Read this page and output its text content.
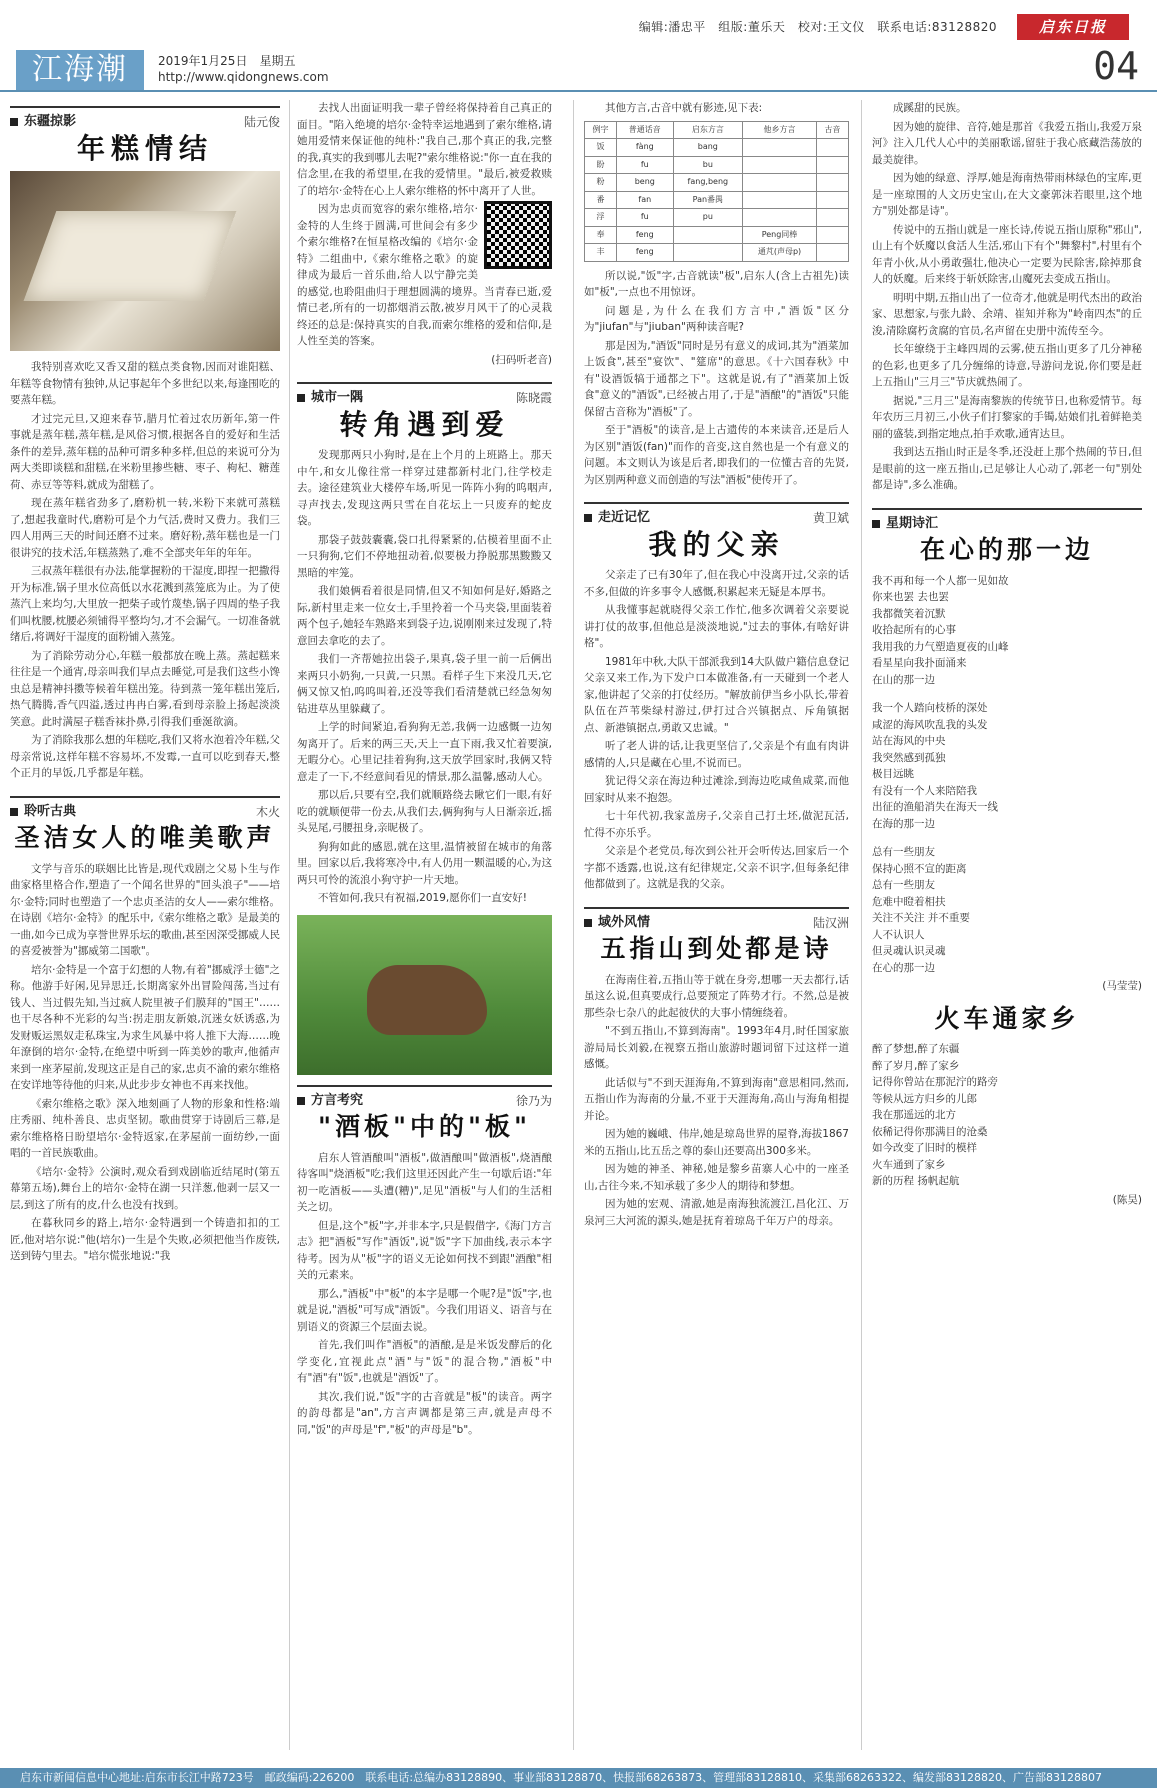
编辑:潘忠平　组版:董乐天　校对:王文仪　联系电话:83128820	启东日报
江海潮	2019年1月25日　星期五
http://www.qidongnews.com	04
东疆掠影	陆元俊
年糕情结

我特别喜欢吃又香又甜的糕点类食物,因而对谁阳糕、年糕等食物情有独钟,从记事起年个多世纪以来,每逢围吃的要蒸年糕。

才过完元旦,又迎来春节,腊月忙着过农历新年,第一件事就是蒸年糕,蒸年糕,是风俗习惯,根据各自的爱好和生活条件的差异,蒸年糕的品种可谓多种多样,但总的来说可分为两大类即谈糕和甜糕,在米粉里掺些糖、枣子、枸杞、糖莲荷、赤豆等等料,就成为甜糕了。

现在蒸年糕省劲多了,磨粉机一转,米粉下来就可蒸糕了,想起我童时代,磨粉可是个力气活,费时又费力。我们三四人用两三天的时间还磨不过来。磨好粉,蒸年糕也是一门很讲究的技术活,年糕蒸熟了,难不全部夹年年的年年。

三叔蒸年糕很有办法,能掌握粉的干湿度,即捏一把撒得开为标准,锅子里水位高低以水花溅到蒸笼底为止。为了使蒸汽上来均匀,大里放一把柴子或竹蔑垫,锅子四周的垫子我们叫枕腰,枕腰必须铺得平整均匀,才不会漏气。一切准备就绪后,将调好干湿度的面粉铺入蒸笼。

为了消除劳动分心,年糕一般都放在晚上蒸。蒸起糕来往往是一个通宵,母亲叫我们早点去睡觉,可是我们这些小馋虫总是精神抖擞等候着年糕出笼。待到蒸一笼年糕出笼后,热气腾腾,香气四溢,透过冉冉白雾,看到母亲脸上扬起淡淡笑意。此时满屋子糕香袜扑鼻,引得我们垂涎欲滴。

为了消除我那么想的年糕吃,我们又将水泡着冷年糕,父母亲常说,这样年糕不容易坏,不发霉,一直可以吃到春天,整个正月的早饭,几乎都是年糕。

聆听古典	木火
圣洁女人的唯美歌声

文学与音乐的联姻比比皆是,现代戏剧之父易卜生与作曲家格里格合作,塑造了一个闻名世界的"回头浪子"——培尔·金特;同时也塑造了一个忠贞圣洁的女人——索尔维格。在诗剧《培尔·金特》的配乐中,《索尔维格之歌》是最美的一曲,如今已成为享誉世界乐坛的歌曲,甚至因深受挪威人民的喜爱被誉为"挪威第二国歌"。

培尔·金特是一个富于幻想的人物,有着"挪威浮士德"之称。他游手好闲,见异思迁,长期离家外出冒险闯荡,当过有钱人、当过假先知,当过疯人院里被子们膜拜的"国王"……也干尽各种不光彩的勾当:拐走朋友新娘,沉迷女妖诱惑,为发财贩运黑奴走私珠宝,为求生风暴中将人推下大海……晚年潦倒的培尔·金特,在绝望中听到一阵美妙的歌声,他循声来到一座茅屋前,发现这正是自己的家,忠贞不渝的索尔维格在安详地等待他的归来,从此步步女神也不再来找他。

《索尔维格之歌》深入地刻画了人物的形象和性格:端庄秀丽、纯朴善良、忠贞坚韧。歌曲贯穿于诗剧后三幕,是索尔维格格日盼望培尔·金特返家,在茅屋前一面纺纱,一面唱的一首民族歌曲。

《培尔·金特》公演时,观众看到戏剧临近结尾时(第五幕第五场),舞台上的培尔·金特在湖一只洋葱,他剥一层又一层,到这了所有的皮,什么也没有找到。

在暮秋同乡的路上,培尔·金特遇到一个铸造扣扣的工匠,他对培尔说:"他(培尔)一生是个失败,必须把他当作废铁,送到铸勺里去。"培尔慌张地说:"我

去找人出面证明我一辈子曾经将保持着自己真正的面目。"陷入绝境的培尔·金特幸运地遇到了索尔维格,请她用爱情来保证他的纯朴:"我自己,那个真正的我,完整的我,真实的我到哪儿去呢?"索尔维格说:"你一直在我的信念里,在我的希望里,在我的爱情里。"最后,被爱救赎了的培尔·金特在心上人索尔维格的怀中离开了人世。

因为忠贞而宽容的索尔维格,培尔·金特的人生终于圆满,可世间会有多少个索尔维格?在恒星格改编的《培尔·金特》二组曲中,《索尔维格之歌》的旋律成为最后一首乐曲,给人以宁静完美的感觉,也聆阻曲归于理想圆满的境界。当青春已逝,爱情已老,所有的一切都烟消云散,被岁月风干了的心灵栽终还的总是:保持真实的自我,而索尔维格的爱和信仰,是人性至美的答案。

(扫码听老音)
城市一隅	陈晓霞
转角遇到爱

发现那两只小狗时,是在上个月的上班路上。那天中午,和女儿像往常一样穿过建都新村北门,往学校走去。途径建筑业大楼停车场,听见一阵阵小狗的呜咽声,寻声找去,发现这两只雪在自花坛上一只废弃的蛇皮袋。

那袋子鼓鼓囊囊,袋口扎得紧紧的,估模着里面不止一只狗狗,它们不停地扭动着,似要极力挣脱那黑黢黢又黑暗的牢笼。

我们娘俩看着很是同情,但又不知如何是好,婚路之际,新村里走来一位女士,手里拎着一个马夹袋,里面装着两个包子,她轻车熟路来到袋子边,说刚刚来过发现了,特意回去拿吃的去了。

我们一齐帮她拉出袋子,果真,袋子里一前一后俩出来两只小奶狗,一只黄,一只黑。看样子生下来没几天,它俩又惊又怕,呜呜叫着,还没等我们看清楚就已经急匆匆钻进草丛里躲藏了。

上学的时间紧迫,看狗狗无恙,我俩一边感慨一边匆匆离开了。后来的两三天,天上一直下雨,我又忙着要演,无暇分心。心里记挂着狗狗,这天放学回家时,我俩又特意走了一下,不经意间看见的情景,那么温馨,感动人心。

那以后,只要有空,我们就顺路绕去瞅它们一眼,有好吃的就顺便带一份去,从我们去,俩狗狗与人日渐亲近,摇头晃尾,弓腰扭身,亲昵极了。

狗狗如此的感恩,就在这里,温情被留在城市的角落里。回家以后,我将寒冷中,有人仍用一颗温暖的心,为这两只可怜的流浪小狗守护一片天地。

不管如何,我只有祝福,2019,愿你们一直安好!

方言考究	徐乃为
"酒板"中的"板"

启东人管酒酿叫"酒板",做酒酿叫"做酒板",烧酒酿待客叫"烧酒板"吃;我们这里还因此产生一句歇后语:"年初一吃酒板——头遭(糟)",足见"酒板"与人们的生活相关之切。

但是,这个"板"字,并非本字,只是假借字,《海门方言志》把"酒板"写作"酒饭",说"饭"字下加曲线,表示本字待考。因为从"板"字的语义无论如何找不到跟"酒酿"相关的元素来。

那么,"酒板"中"板"的本字是哪一个呢?是"饭"字,也就是说,"酒板"可写成"酒饭"。今我们用语义、语音与在别语义的资源三个层面去说。

首先,我们叫作"酒板"的酒酿,是是米饭发酵后的化学变化,宜视此点"酒"与"饭"的混合物,"酒板"中有"酒"有"饭",也就是"酒饭"了。

其次,我们说,"饭"字的古音就是"板"的读音。两字的韵母都是"an",方言声调都是第三声,就是声母不同,"饭"的声母是"f","板"的声母是"b"。

其他方言,古音中就有影迹,见下表:

例字	普通话音	启东方言	他乡方言	古音
饭	fàng	bang		
盼	fu	bu		
粉	beng	fang,beng		
番	fan	Pan番禺		
浮	fu	pu		
奉	feng		Peng同棒	
丰	feng		通芃(声母p)	

所以说,"饭"字,古音就读"板",启东人(含上古祖先)读如"板",一点也不用惊讶。

问题是,为什么在我们方言中,"酒饭"区分为"jiufan"与"jiuban"两种读音呢?

那是因为,"酒饭"同时是另有意义的成词,其为"酒菜加上饭食",甚至"宴饮"、"筵席"的意思。《十六国春秋》中有"设酒饭犒于通都之下"。这就是说,有了"酒菜加上饭食"意义的"酒饭",已经被占用了,于是"酒酿"的"酒饭"只能保留古音称为"酒板"了。

至于"酒板"的读音,是上古遗传的本来读音,还是后人为区别"酒饭(fan)"而作的音变,这自然也是一个有意义的问题。本文则认为该是后者,即我们的一位懂古音的先贤,为区别两种意义而创造的写法"酒板"使传开了。

走近记忆	黄卫斌
我的父亲

父亲走了已有30年了,但在我心中没离开过,父亲的话不多,但做的许多事令人感慨,积累起来无疑是本厚书。

从我懂事起就晓得父亲工作忙,他多次调着父亲要说讲打仗的故事,但他总是淡淡地说,"过去的事体,有啥好讲格"。

1981年中秋,大队干部派我到14大队做户籍信息登记父亲又来工作,为下发户口本做准备,有一天碰到一个老人家,他讲起了父亲的打仗经历。"解放前伊当乡小队长,带着队伍在芦苇柴绿村游过,伊打过合兴镇据点、斥角镇据点、新港镇据点,勇敢又忠诚。"

听了老人讲的话,让我更坚信了,父亲是个有血有肉讲感情的人,只是藏在心里,不说而已。

犹记得父亲在海边种过滩涂,到海边吃咸鱼咸菜,而他回家时从来不抱怨。

七十年代初,我家盖房子,父亲自己打土坯,做泥瓦活,忙得不亦乐乎。

父亲是个老党员,每次到公社开会听传达,回家后一个字都不透露,也说,这有纪律规定,父亲不识字,但每条纪律他都做到了。这就是我的父亲。

域外风情	陆汉洲
五指山到处都是诗

在海南住着,五指山等于就在身旁,想哪一天去都行,话虽这么说,但真要成行,总要预定了阵势才行。不然,总是被那些杂七杂八的此起彼伏的大事小情缠绕着。

"不到五指山,不算到海南"。1993年4月,时任国家旅游局局长刘毅,在视察五指山旅游时题词留下过这样一道感慨。

此话似与"不到天涯海角,不算到海南"意思相同,然而,五指山作为海南的分量,不亚于天涯海角,高山与海角相提并论。

因为她的巍峨、伟岸,她是琼岛世界的屋脊,海拔1867米的五指山,比五岳之尊的泰山还要高出300多米。

因为她的神圣、神秘,她是黎乡苗寨人心中的一座圣山,古往今来,不知承载了多少人的期待和梦想。

因为她的宏观、清澈,她是南海独流渡江,昌化江、万泉河三大河流的源头,她是抚育着琼岛千年万户的母亲。

成蹊甜的民族。

因为她的旋律、音符,她是那首《我爱五指山,我爱万泉河》注入几代人心中的美丽歌谣,留驻于我心底藏浩荡放的最美旋律。

因为她的绿意、浮厚,她是海南热带雨林绿色的宝库,更是一座琼围的人文历史宝山,在大文豪郭沫若眼里,这个地方"别处都是诗"。

传说中的五指山就是一座长诗,传说五指山原称"邪山",山上有个妖魔以食活人生活,邪山下有个"舞黎村",村里有个年青小伙,从小勇敢强壮,他决心一定要为民除害,除掉那食人的妖魔。后来终于斩妖除害,山魔死去变成五指山。

明明中期,五指山出了一位奇才,他就是明代杰出的政治家、思想家,与张九龄、余靖、崔知并称为"岭南四杰"的丘浚,清除腐朽贪腐的官员,名声留在史册中流传至今。

长年缭绕于主峰四周的云雾,使五指山更多了几分神秘的色彩,也更多了几分缠绵的诗意,导游问龙说,你们要是赶上五指山"三月三"节庆就热闹了。

据说,"三月三"是海南黎族的传统节日,也称爱情节。每年农历三月初三,小伙子们打黎家的手镯,姑娘们扎着鲜艳美丽的盛装,到指定地点,拍手欢歌,通宵达旦。

我到达五指山时正是冬季,还没赶上那个热闹的节日,但是眼前的这一座五指山,已足够让人心动了,郭老一句"别处都是诗",多么准确。

星期诗汇
在心的那一边

我不再和每一个人都一见如故

你来也罢 去也罢

我都微笑着沉默

收拾起所有的心事

我用我的力气塑造夏夜的山峰

看星星向我扑面涌来

在山的那一边

我一个人踏向枝桥的深处

咸涩的海风吹乱我的头发

站在海风的中央

我突然感到孤独

极目远眺

有没有一个人来陪陪我

出征的渔船消失在海天一线

在海的那一边

总有一些朋友

保持心照不宣的距离

总有一些朋友

危难中瞪着相扶

关注不关注 并不重要

人不认识人

但灵魂认识灵魂

在心的那一边

(马莹莹)
火车通家乡

醉了梦想,醉了东疆

醉了岁月,醉了家乡

记得你曾站在那泥泞的路旁

等候从远方归乡的儿郎

我在那遥远的北方

依稀记得你那满目的沧桑

如今改变了旧时的模样

火车通到了家乡

新的历程 扬帆起航

(陈昊)
启东市新闻信息中心地址:启东市长江中路723号　邮政编码:226200　联系电话:总编办83128890、事业部83128870、快报部68263873、管理部83128810、采集部68263322、编发部83128820、广告部83128807
